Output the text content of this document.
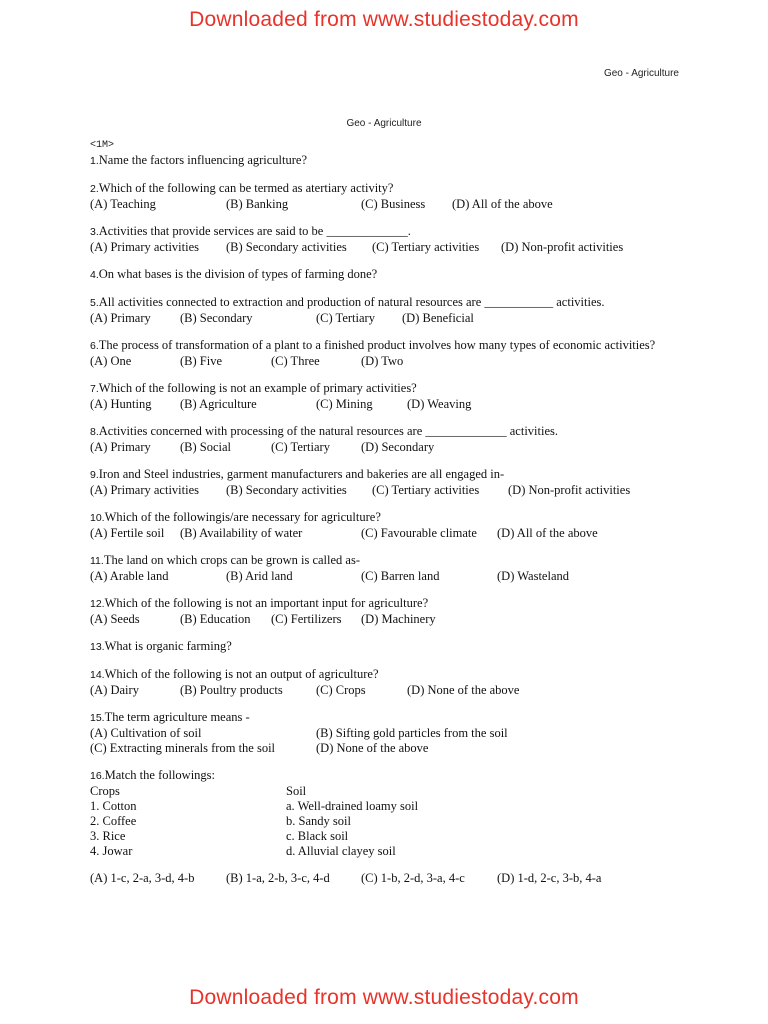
Downloaded from www.studiestoday.com
Geo - Agriculture
Geo - Agriculture
<1M>
1.Name the factors influencing agriculture?
2.Which of the following can be termed as atertiary activity?
(A) Teaching	(B) Banking	(C) Business (D) All of the above
3.Activities that provide services are said to be _____________.
(A) Primary activities (B) Secondary activities (C) Tertiary activities (D) Non-profit activities
4.On what bases is the division of types of farming done?
5.All activities connected to extraction and production of natural resources are ___________ activities.
(A) Primary (B) Secondary	(C) Tertiary (D) Beneficial
6.The process of transformation of a plant to a finished product involves how many types of economic activities?
(A) One	(B) Five	(C) Three	(D) Two
7.Which of the following is not an example of primary activities?
(A) Hunting (B) Agriculture	(C) Mining	(D) Weaving
8.Activities concerned with processing of the natural resources are _____________ activities.
(A) Primary (B) Social	(C) Tertiary (D) Secondary
9.Iron and Steel industries, garment manufacturers and bakeries are all engaged in-
(A) Primary activities (B) Secondary activities (C) Tertiary activities (D) Non-profit activities
10.Which of the followingis/are necessary for agriculture?
(A) Fertile soil (B) Availability of water	(C) Favourable climate (D) All of the above
11.The land on which crops can be grown is called as-
(A) Arable land	(B) Arid land	(C) Barren land	(D) Wasteland
12.Which of the following is not an important input for agriculture?
(A) Seeds	(B) Education (C) Fertilizers (D) Machinery
13.What is organic farming?
14.Which of the following is not an output of agriculture?
(A) Dairy	(B) Poultry products	(C) Crops	(D) None of the above
15.The term agriculture means -
(A) Cultivation of soil	(B) Sifting gold particles from the soil
(C) Extracting minerals from the soil	(D) None of the above
16.Match the followings:
Crops	Soil
1. Cotton	a. Well-drained loamy soil
2. Coffee	b. Sandy soil
3. Rice	c. Black soil
4. Jowar	d. Alluvial clayey soil
(A) 1-c, 2-a, 3-d, 4-b	(B) 1-a, 2-b, 3-c, 4-d (C) 1-b, 2-d, 3-a, 4-c	(D) 1-d, 2-c, 3-b, 4-a
Downloaded from www.studiestoday.com
